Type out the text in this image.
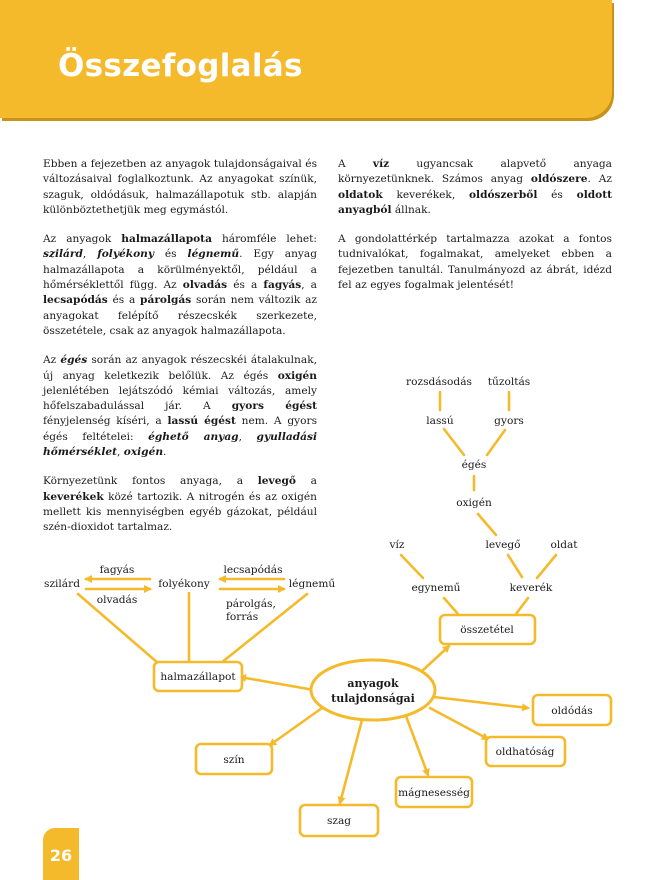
Összefoglalás

Ebben a fejezetben az anyagok tulajdonságaival és változásaival foglalkoztunk. Az anyagokat színük, szaguk, oldódásuk, halmazállapotuk stb. alapján különböztethetjük meg egymástól.

Az anyagok halmazállapota háromféle lehet: szilárd, folyékony és légnemű. Egy anyag halmazállapota a körülményektől, például a hőmérséklettől függ. Az olvadás és a fagyás, a lecsapódás és a párolgás során nem változik az anyagokat felépítő részecskék szerkezete, összetétele, csak az anyagok halmazállapota.

Az égés során az anyagok részecskéi átalakulnak, új anyag keletkezik belőlük. Az égés oxigén jelenlétében lejátszódó kémiai változás, amely hőfelszabadulással jár. A gyors égést fényjelenség kíséri, a lassú égést nem. A gyors égés feltételei: éghető anyag, gyulladási hőmérséklet, oxigén.

Környezetünk fontos anyaga, a levegő a keverékek közé tartozik. A nitrogén és az oxigén mellett kis mennyiségben egyéb gázokat, például szén-dioxidot tartalmaz.

A víz ugyancsak alapvető anyaga környezetünknek. Számos anyag oldószere. Az oldatok keverékek, oldószerből és oldott anyagból állnak.

A gondolattérkép tartalmazza azokat a fontos tudnivalókat, fogalmakat, amelyeket ebben a fejezetben tanultál. Tanulmányozd az ábrát, idézd fel az egyes fogalmak jelentését!

anyagok
tulajdonságai
halmazállapot
szín
szag
mágnesesség
oldhatóság
oldódás
összetétel
szilárd	folyékony	légnemű
fagyás
olvadás
lecsapódás
párolgás,
forrás
rozsdásodás tűzoltás
lassú	gyors
égés
oxigén
víz	levegő	oldat
egynemű	keverék
26
